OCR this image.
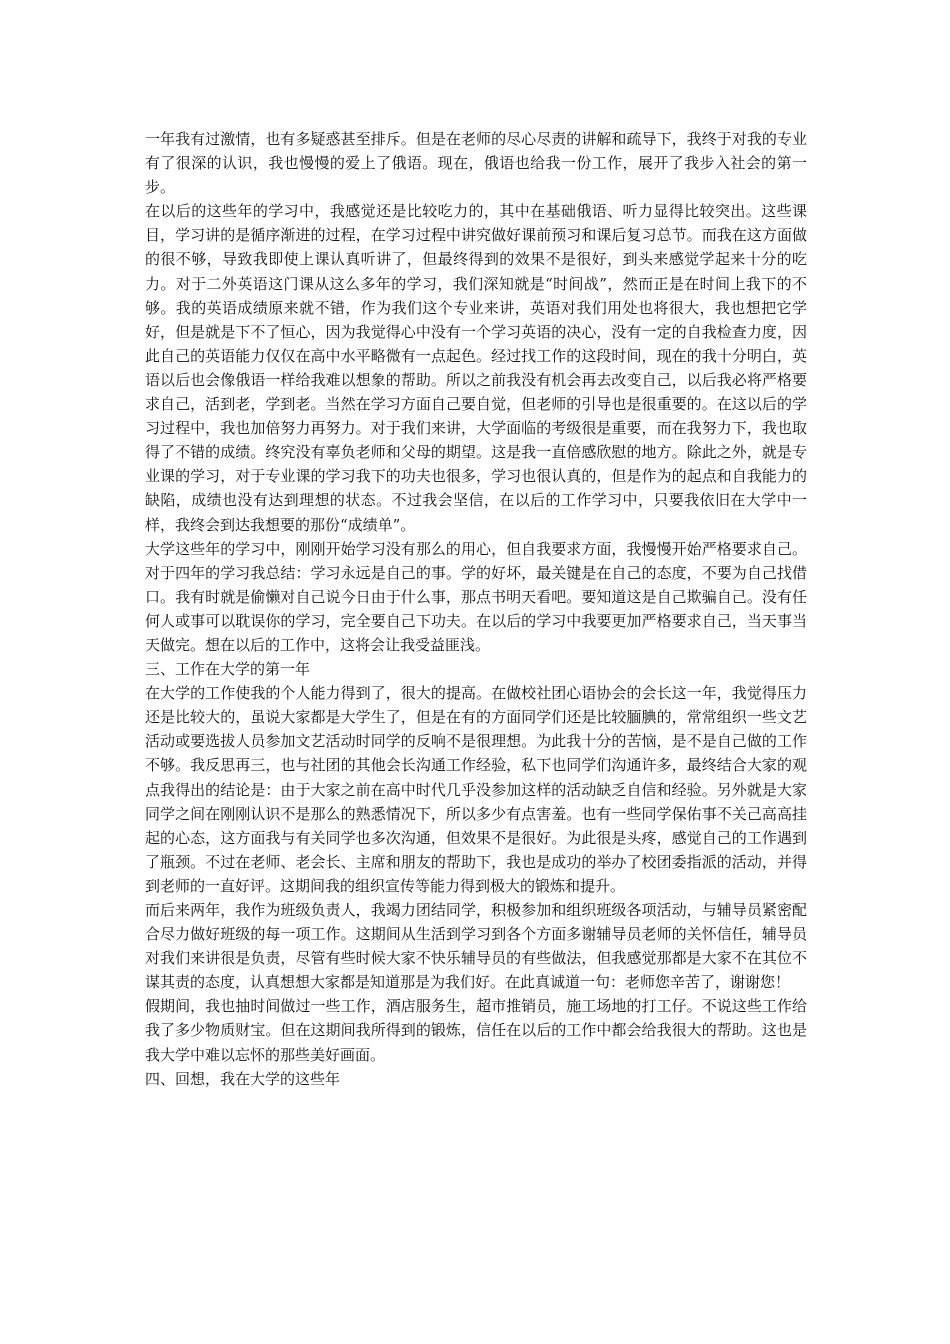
一年我有过激情，也有多疑惑甚至排斥。但是在老师的尽心尽责的讲解和疏导下，我终于对我的专业有了很深的认识，我也慢慢的爱上了俄语。现在，俄语也给我一份工作，展开了我步入社会的第一步。

在以后的这些年的学习中，我感觉还是比较吃力的，其中在基础俄语、听力显得比较突出。这些课目，学习讲的是循序渐进的过程，在学习过程中讲究做好课前预习和课后复习总节。而我在这方面做的很不够，导致我即使上课认真听讲了，但最终得到的效果不是很好，到头来感觉学起来十分的吃力。对于二外英语这门课从这么多年的学习，我们深知就是“时间战”，然而正是在时间上我下的不够。我的英语成绩原来就不错，作为我们这个专业来讲，英语对我们用处也将很大，我也想把它学好，但是就是下不了恒心，因为我觉得心中没有一个学习英语的决心，没有一定的自我检查力度，因此自己的英语能力仅仅在高中水平略微有一点起色。经过找工作的这段时间，现在的我十分明白，英语以后也会像俄语一样给我难以想象的帮助。所以之前我没有机会再去改变自己，以后我必将严格要求自己，活到老，学到老。当然在学习方面自己要自觉，但老师的引导也是很重要的。在这以后的学习过程中，我也加倍努力再努力。对于我们来讲，大学面临的考级很是重要，而在我努力下，我也取得了不错的成绩。终究没有辜负老师和父母的期望。这是我一直倍感欣慰的地方。除此之外，就是专业课的学习，对于专业课的学习我下的功夫也很多，学习也很认真的，但是作为的起点和自我能力的缺陷，成绩也没有达到理想的状态。不过我会坚信，在以后的工作学习中，只要我依旧在大学中一样，我终会到达我想要的那份“成绩单”。

大学这些年的学习中，刚刚开始学习没有那么的用心，但自我要求方面，我慢慢开始严格要求自己。对于四年的学习我总结：学习永远是自己的事。学的好坏，最关键是在自己的态度，不要为自己找借口。我有时就是偷懒对自己说今日由于什么事，那点书明天看吧。要知道这是自己欺骗自己。没有任何人或事可以耽误你的学习，完全要自己下功夫。在以后的学习中我要更加严格要求自己，当天事当天做完。想在以后的工作中，这将会让我受益匪浅。

三、工作在大学的第一年

在大学的工作使我的个人能力得到了，很大的提高。在做校社团心语协会的会长这一年，我觉得压力还是比较大的，虽说大家都是大学生了，但是在有的方面同学们还是比较腼腆的，常常组织一些文艺活动或要选拔人员参加文艺活动时同学的反响不是很理想。为此我十分的苦恼，是不是自己做的工作不够。我反思再三，也与社团的其他会长沟通工作经验，私下也同学们沟通许多，最终结合大家的观点我得出的结论是：由于大家之前在高中时代几乎没参加这样的活动缺乏自信和经验。另外就是大家同学之间在刚刚认识不是那么的熟悉情况下，所以多少有点害羞。也有一些同学保佑事不关己高高挂起的心态，这方面我与有关同学也多次沟通，但效果不是很好。为此很是头疼，感觉自己的工作遇到了瓶颈。不过在老师、老会长、主席和朋友的帮助下，我也是成功的举办了校团委指派的活动，并得到老师的一直好评。这期间我的组织宣传等能力得到极大的锻炼和提升。

而后来两年，我作为班级负责人，我竭力团结同学，积极参加和组织班级各项活动，与辅导员紧密配合尽力做好班级的每一项工作。这期间从生活到学习到各个方面多谢辅导员老师的关怀信任，辅导员对我们来讲很是负责，尽管有些时候大家不快乐辅导员的有些做法，但我感觉那都是大家不在其位不谋其责的态度，认真想想大家都是知道那是为我们好。在此真诚道一句：老师您辛苦了，谢谢您！

假期间，我也抽时间做过一些工作，酒店服务生，超市推销员，施工场地的打工仔。不说这些工作给我了多少物质财宝。但在这期间我所得到的锻炼，信任在以后的工作中都会给我很大的帮助。这也是我大学中难以忘怀的那些美好画面。

四、回想，我在大学的这些年
